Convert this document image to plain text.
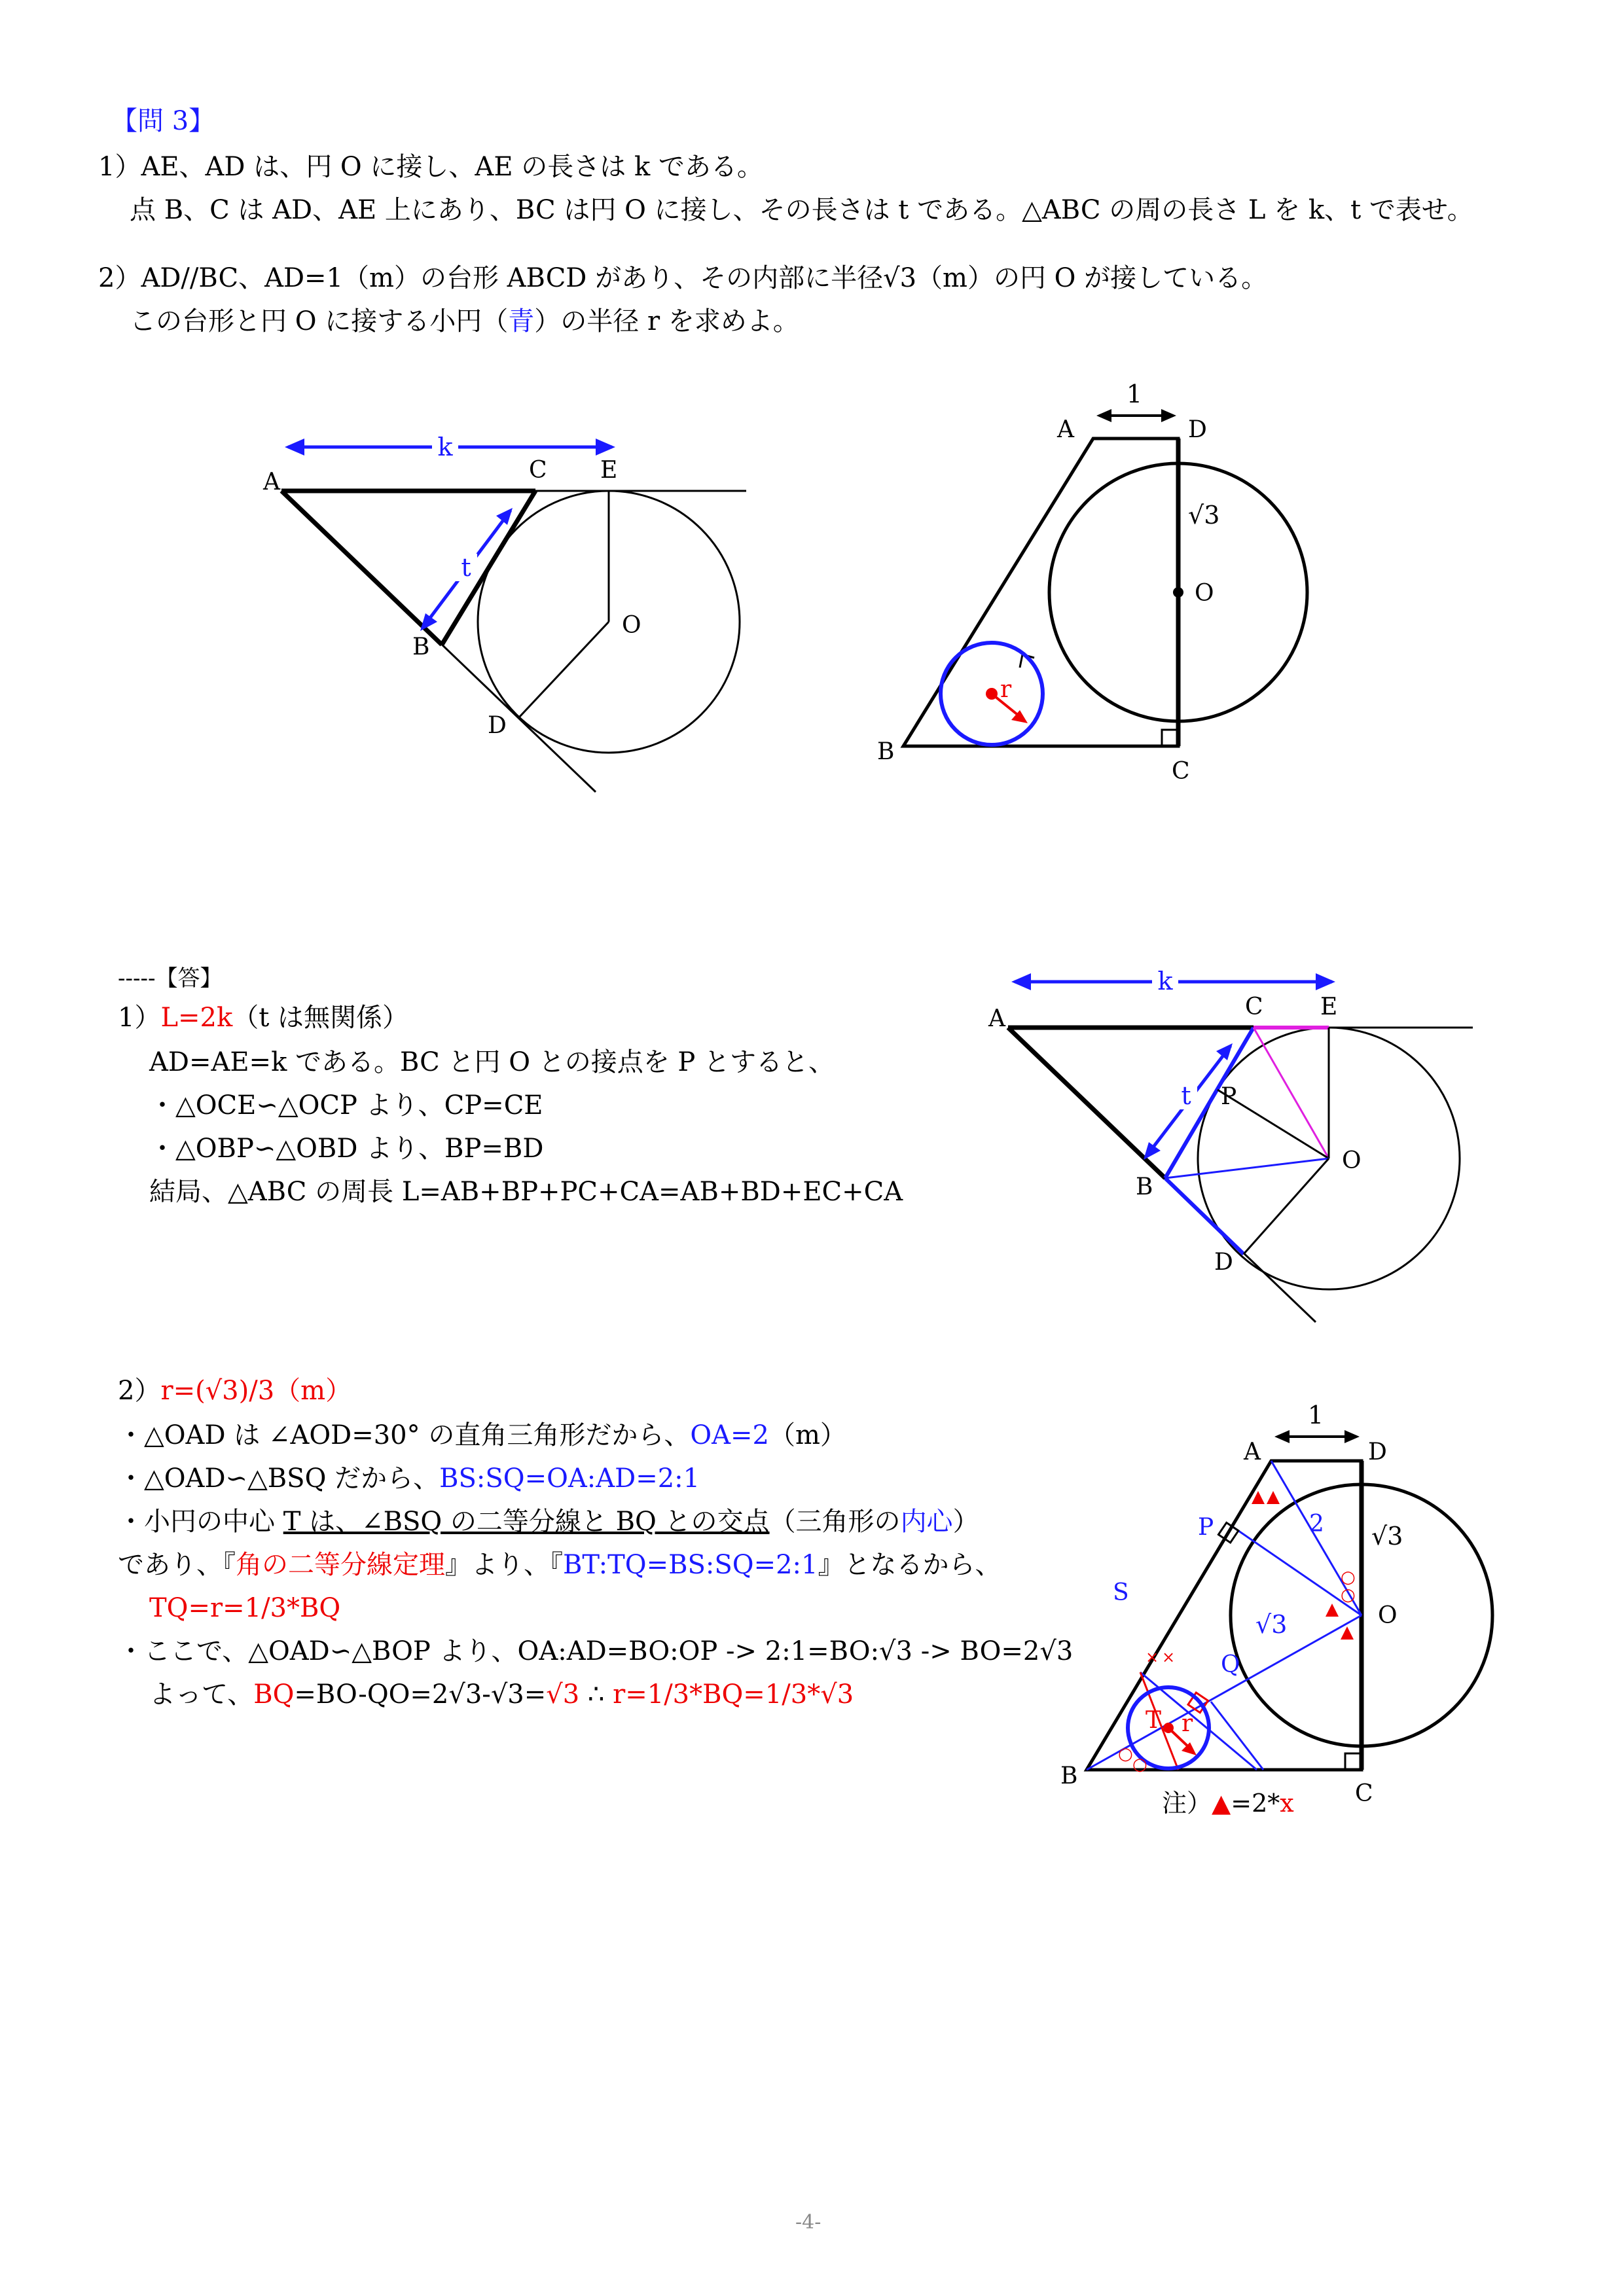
【問 3】
1）AE、AD は、円 O に接し、AE の長さは k である。
点 B、C は AD、AE 上にあり、BC は円 O に接し、その長さは t である。△ABC の周の長さ L を k、t で表せ。
2）AD//BC、AD=1（m）の台形 ABCD があり、その内部に半径√3（m）の円 O が接している。
この台形と円 O に接する小円（青）の半径 r を求めよ。
k
t
A	C E
O
B
D
1
√3
r
A	D
O
B
C
-----【答】
1）L=2k（t は無関係）
AD=AE=k である。BC と円 O との接点を P とすると、
・△OCE∽△OCP より、CP=CE
・△OBP∽△OBD より、BP=BD
結局、△ABC の周長 L=AB+BP+PC+CA=AB+BD+EC+CA
k
t
A	C E
P
O
B
D
2）r=(√3)/3（m）
・△OAD は ∠AOD=30° の直角三角形だから、OA=2（m）
・△OAD∽△BSQ だから、BS:SQ=OA:AD=2:1
・小円の中心 T は、∠BSQ の二等分線と BQ との交点（三角形の内心）
であり、『角の二等分線定理』より、『BT:TQ=BS:SQ=2:1』となるから、
TQ=r=1/3*BQ
・ここで、△OAD∽△BOP より、OA:AD=BO:OP -> 2:1=BO:√3 -> BO=2√3
よって、BQ=BO-QO=2√3-√3=√3 ∴ r=1/3*BQ=1/3*√3
○
○
× ×
○
○
1
2 √3
√3
A	D
P
S
Q
O
T r
B
C
注）▲=2*x
-4-
